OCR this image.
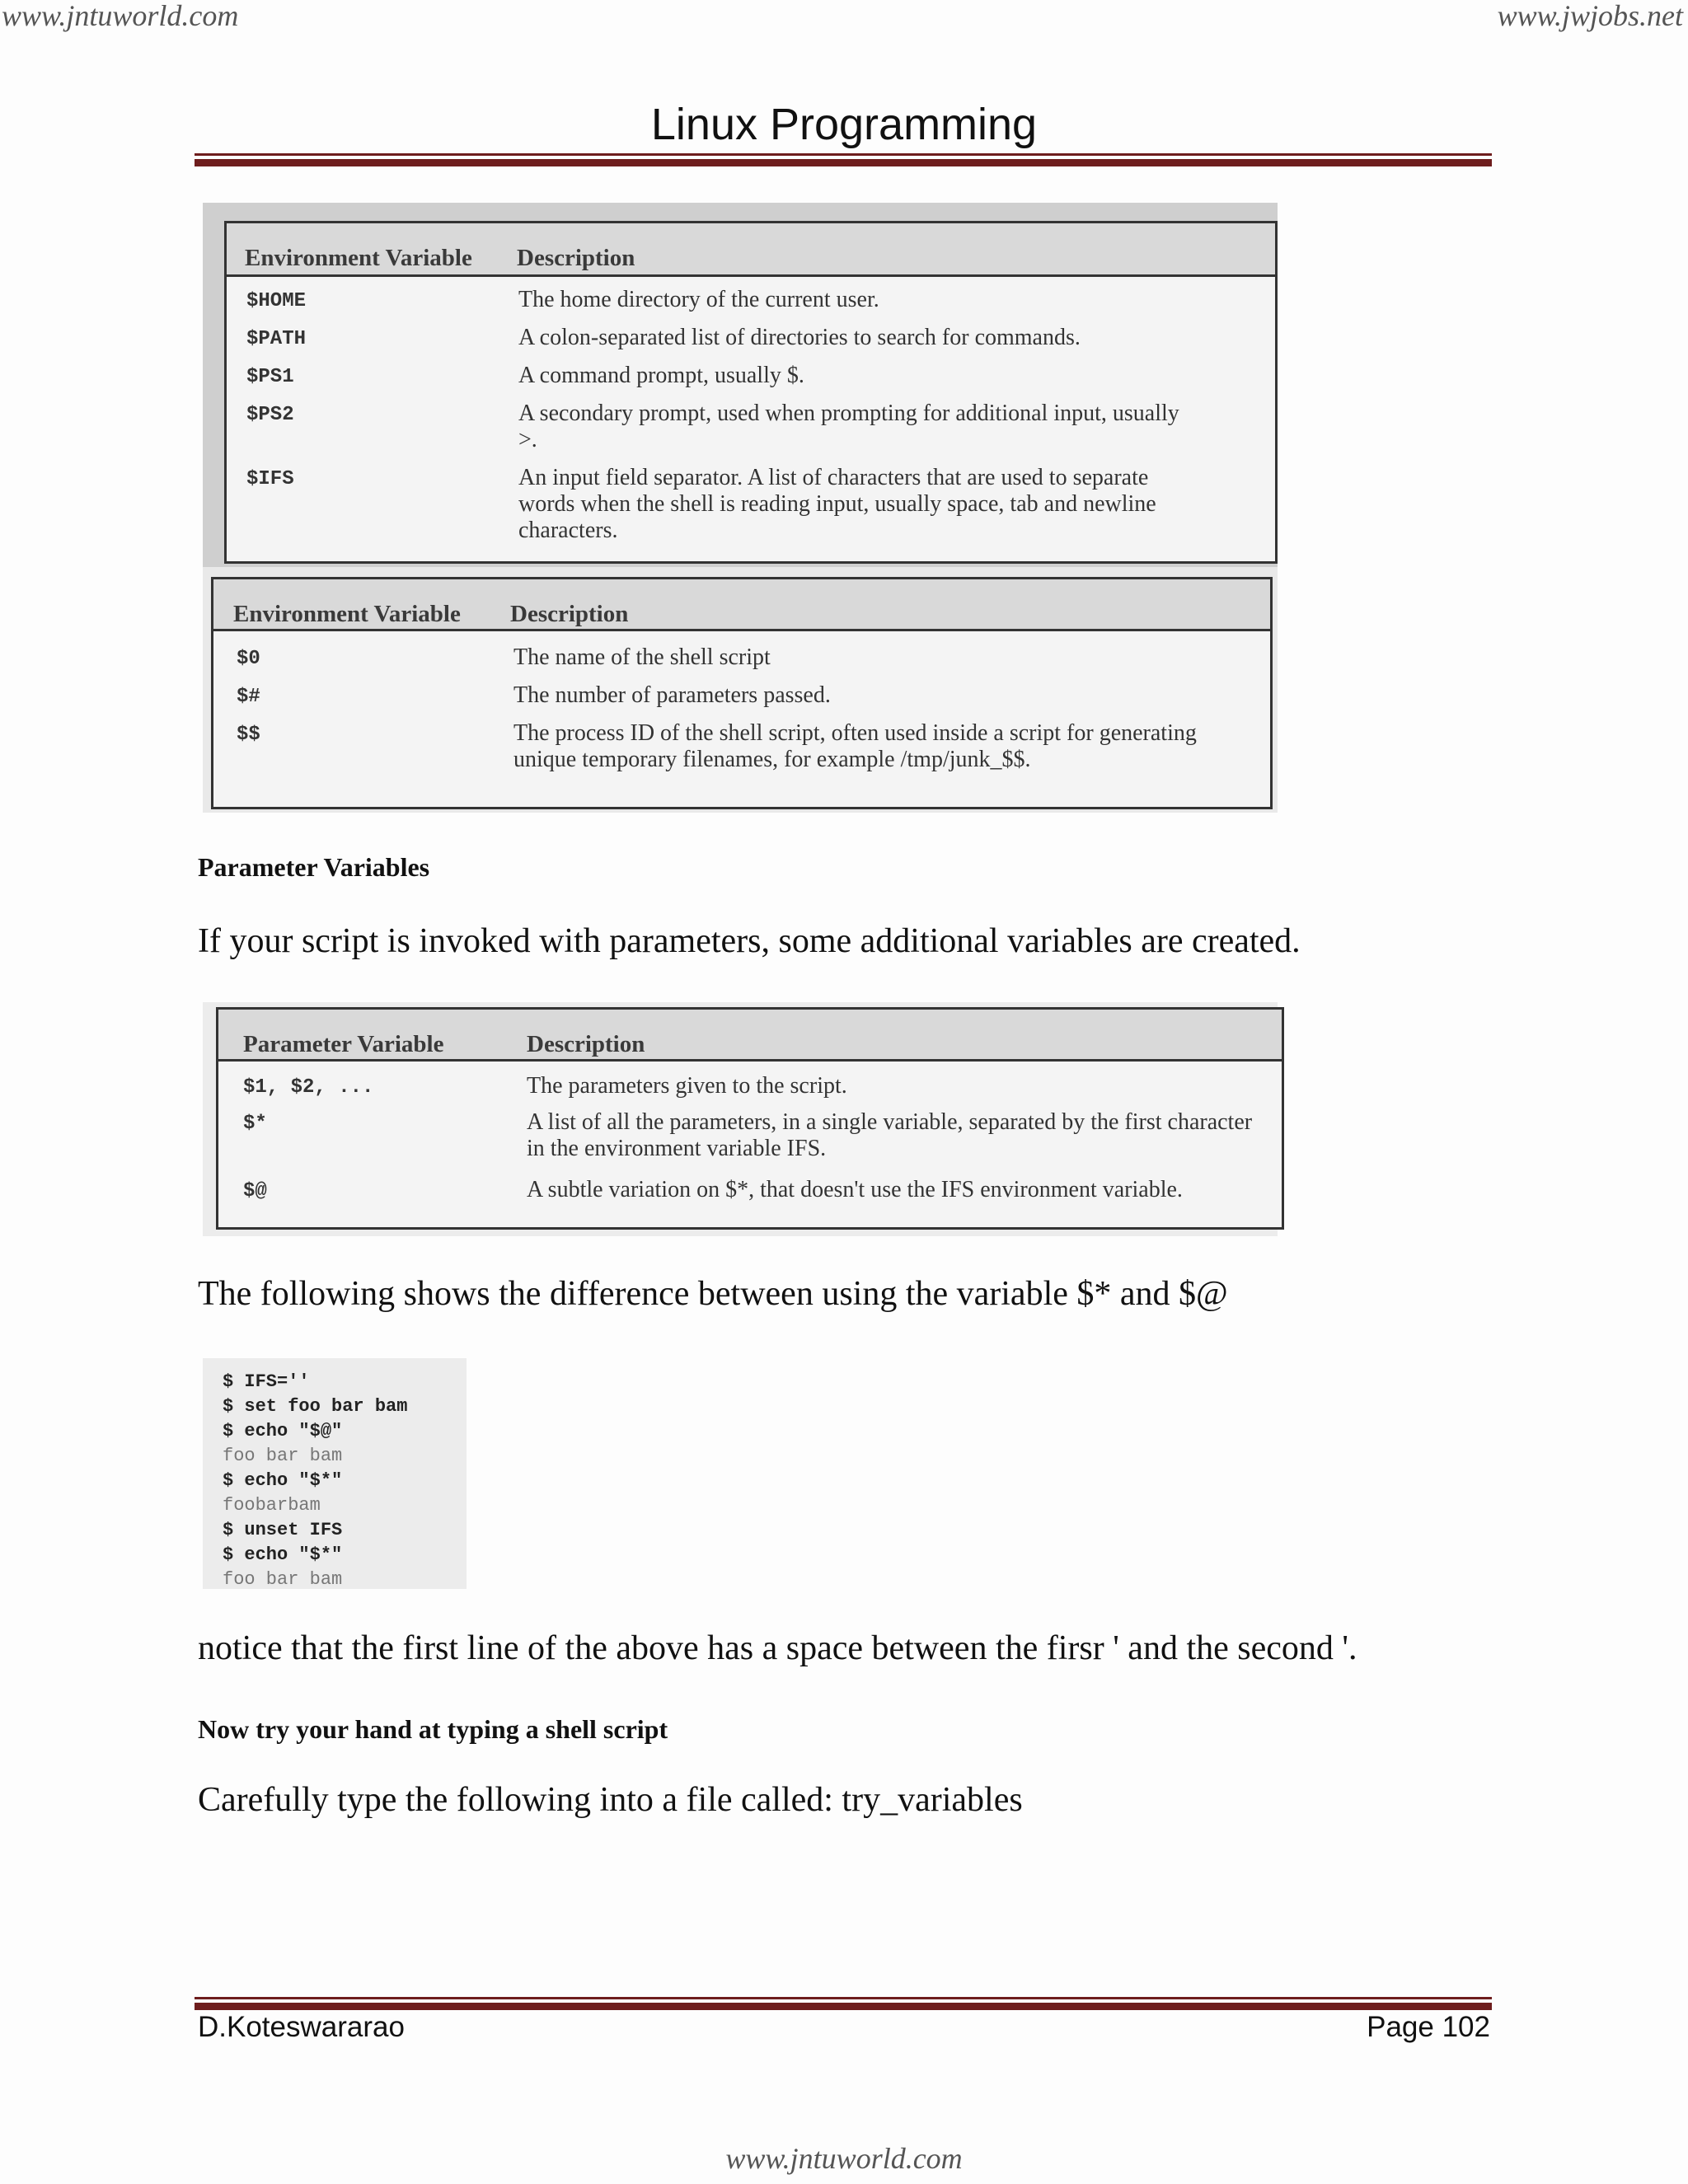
www.jntuworld.com	www.jwjobs.net
Linux Programming
Environment Variable	Description
$HOME	The home directory of the current user.
$PATH	A colon-separated list of directories to search for commands.
$PS1	A command prompt, usually $.
$PS2	A secondary prompt, used when prompting for additional input, usually >.
$IFS	An input field separator. A list of characters that are used to separate words when the shell is reading input, usually space, tab and newline characters.
Environment Variable	Description
$0	The name of the shell script
$#	The number of parameters passed.
$$	The process ID of the shell script, often used inside a script for generating unique temporary filenames, for example /tmp/junk_$$.
Parameter Variables
If your script is invoked with parameters, some additional variables are created.
Parameter Variable	Description
$1, $2, ...	The parameters given to the script.
$*	A list of all the parameters, in a single variable, separated by the first character in the environment variable IFS.
$@	A subtle variation on $*, that doesn't use the IFS environment variable.
The following shows the difference between using the variable $* and $@
$ IFS=''
$ set foo bar bam
$ echo "$@"
foo bar bam
$ echo "$*"
foobarbam
$ unset IFS
$ echo "$*"
foo bar bam
notice that the first line of the above has a space between the firsr ' and the second '.
Now try your hand at typing a shell script
Carefully type the following into a file called: try_variables
D.Koteswararao	Page 102
www.jntuworld.com
